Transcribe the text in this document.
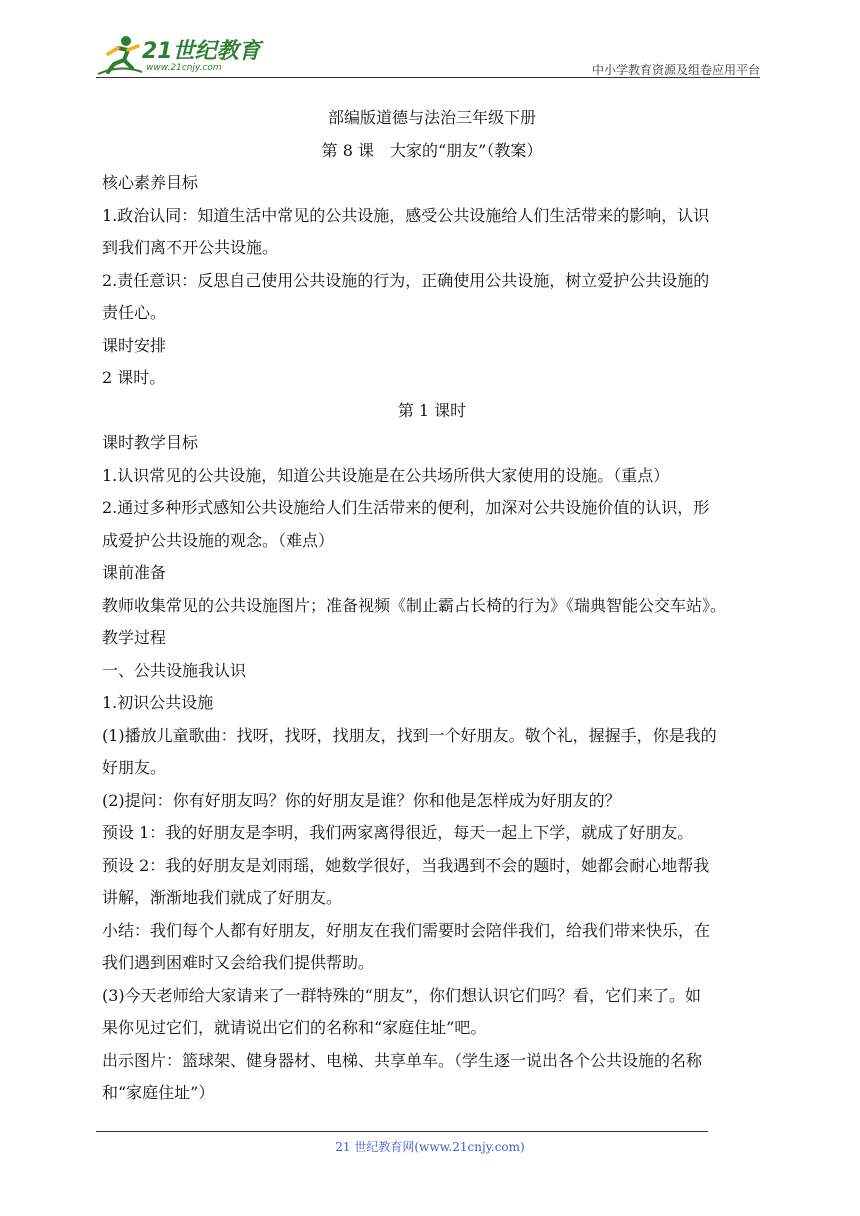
21世纪教育
www.21cnjy.com	中小学教育资源及组卷应用平台
部编版道德与法治三年级下册
第 8 课　大家的“朋友”（教案）
核心素养目标
1.政治认同：知道生活中常见的公共设施，感受公共设施给人们生活带来的影响，认识
到我们离不开公共设施。
2.责任意识：反思自己使用公共设施的行为，正确使用公共设施，树立爱护公共设施的
责任心。
课时安排
2 课时。
第 1 课时
课时教学目标
1.认识常见的公共设施，知道公共设施是在公共场所供大家使用的设施。（重点）
2.通过多种形式感知公共设施给人们生活带来的便利，加深对公共设施价值的认识，形
成爱护公共设施的观念。（难点）
课前准备
教师收集常见的公共设施图片；准备视频《制止霸占长椅的行为》《瑞典智能公交车站》。
教学过程
一、公共设施我认识
1.初识公共设施
(1)播放儿童歌曲：找呀，找呀，找朋友，找到一个好朋友。敬个礼，握握手，你是我的
好朋友。
(2)提问：你有好朋友吗？你的好朋友是谁？你和他是怎样成为好朋友的？
预设 1：我的好朋友是李明，我们两家离得很近，每天一起上下学，就成了好朋友。
预设 2：我的好朋友是刘雨瑶，她数学很好，当我遇到不会的题时，她都会耐心地帮我
讲解，渐渐地我们就成了好朋友。
小结：我们每个人都有好朋友，好朋友在我们需要时会陪伴我们，给我们带来快乐，在
我们遇到困难时又会给我们提供帮助。
(3)今天老师给大家请来了一群特殊的“朋友”，你们想认识它们吗？看，它们来了。如
果你见过它们，就请说出它们的名称和“家庭住址”吧。
出示图片：篮球架、健身器材、电梯、共享单车。（学生逐一说出各个公共设施的名称
和“家庭住址”）
21 世纪教育网(www.21cnjy.com)
